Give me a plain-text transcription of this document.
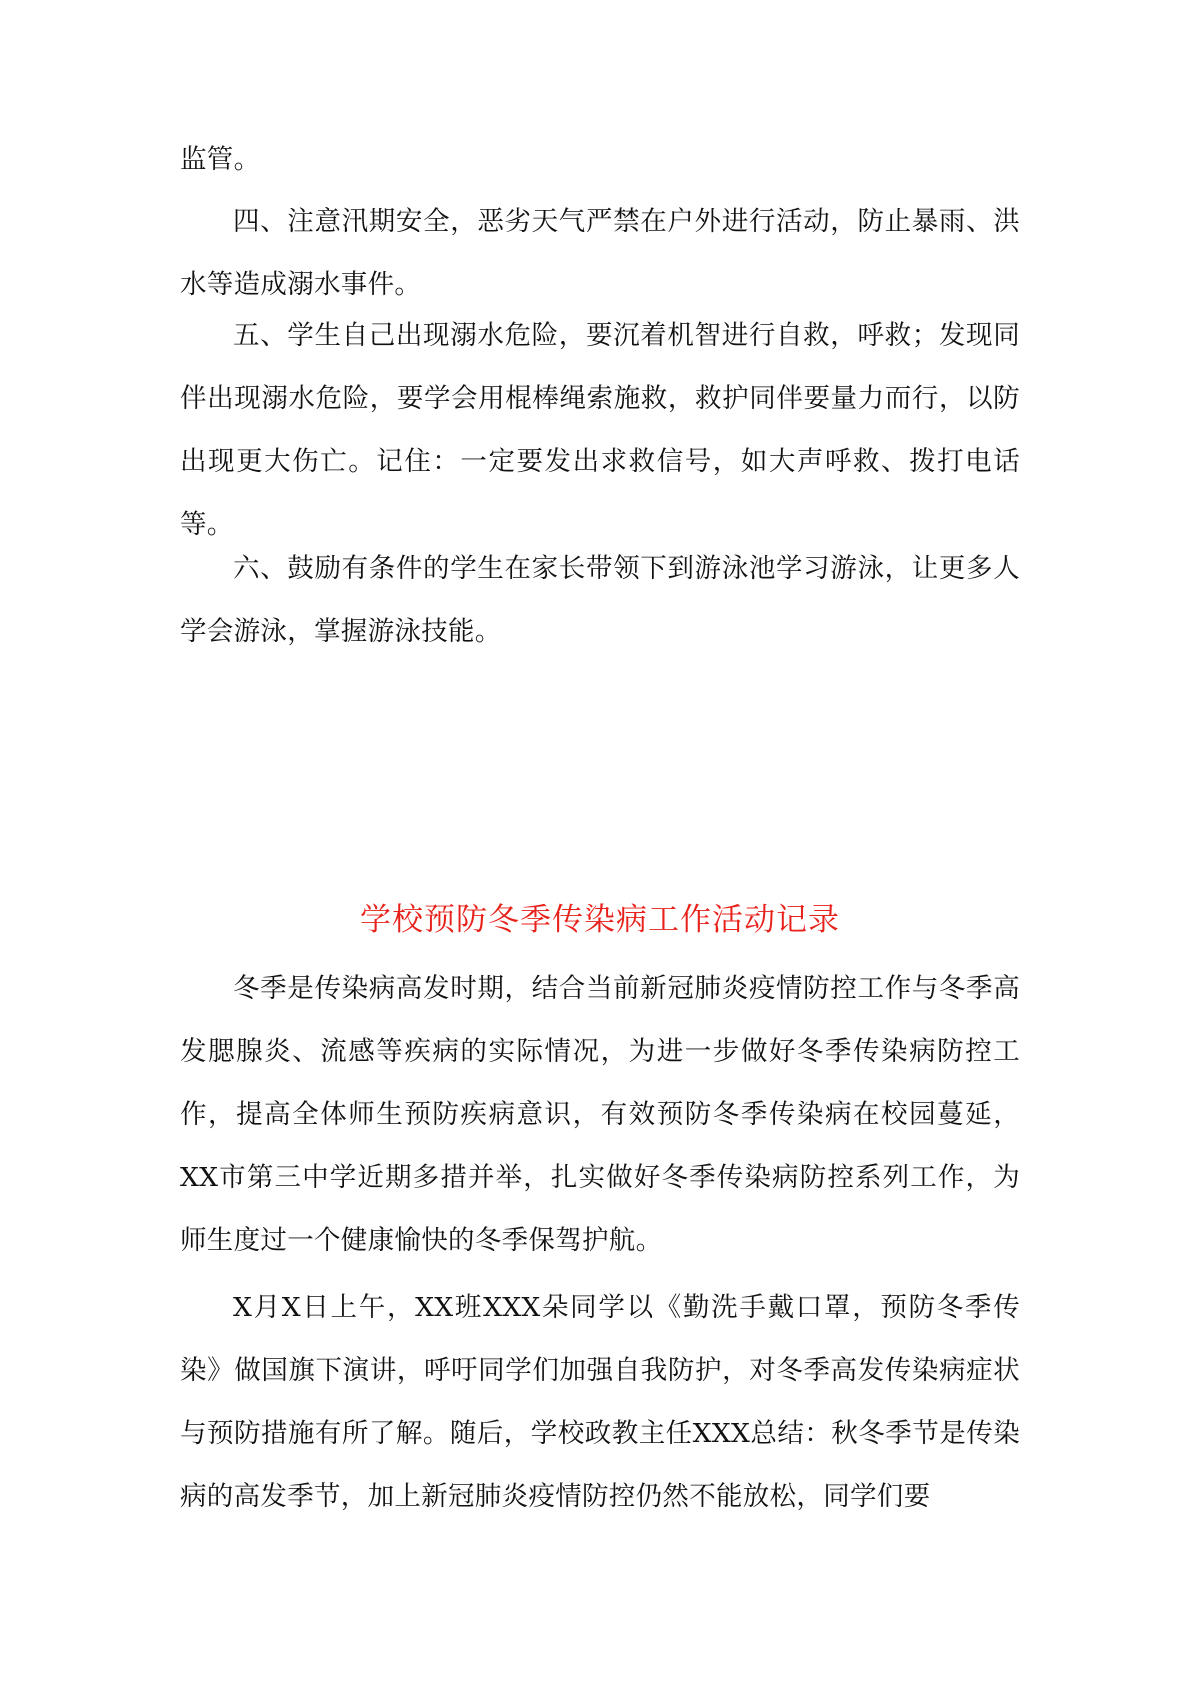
监管。

四、注意汛期安全，恶劣天气严禁在户外进行活动，防止暴雨、洪水等造成溺水事件。

五、学生自己出现溺水危险，要沉着机智进行自救，呼救；发现同伴出现溺水危险，要学会用棍棒绳索施救，救护同伴要量力而行，以防出现更大伤亡。记住：一定要发出求救信号，如大声呼救、拨打电话等。

六、鼓励有条件的学生在家长带领下到游泳池学习游泳，让更多人学会游泳，掌握游泳技能。

学校预防冬季传染病工作活动记录

冬季是传染病高发时期，结合当前新冠肺炎疫情防控工作与冬季高发腮腺炎、流感等疾病的实际情况，为进一步做好冬季传染病防控工作，提高全体师生预防疾病意识，有效预防冬季传染病在校园蔓延，XX市第三中学近期多措并举，扎实做好冬季传染病防控系列工作，为师生度过一个健康愉快的冬季保驾护航。

X月X日上午，XX班XXX朵同学以《勤洗手戴口罩，预防冬季传染》做国旗下演讲，呼吁同学们加强自我防护，对冬季高发传染病症状与预防措施有所了解。随后，学校政教主任XXX总结：秋冬季节是传染病的高发季节，加上新冠肺炎疫情防控仍然不能放松，同学们要
